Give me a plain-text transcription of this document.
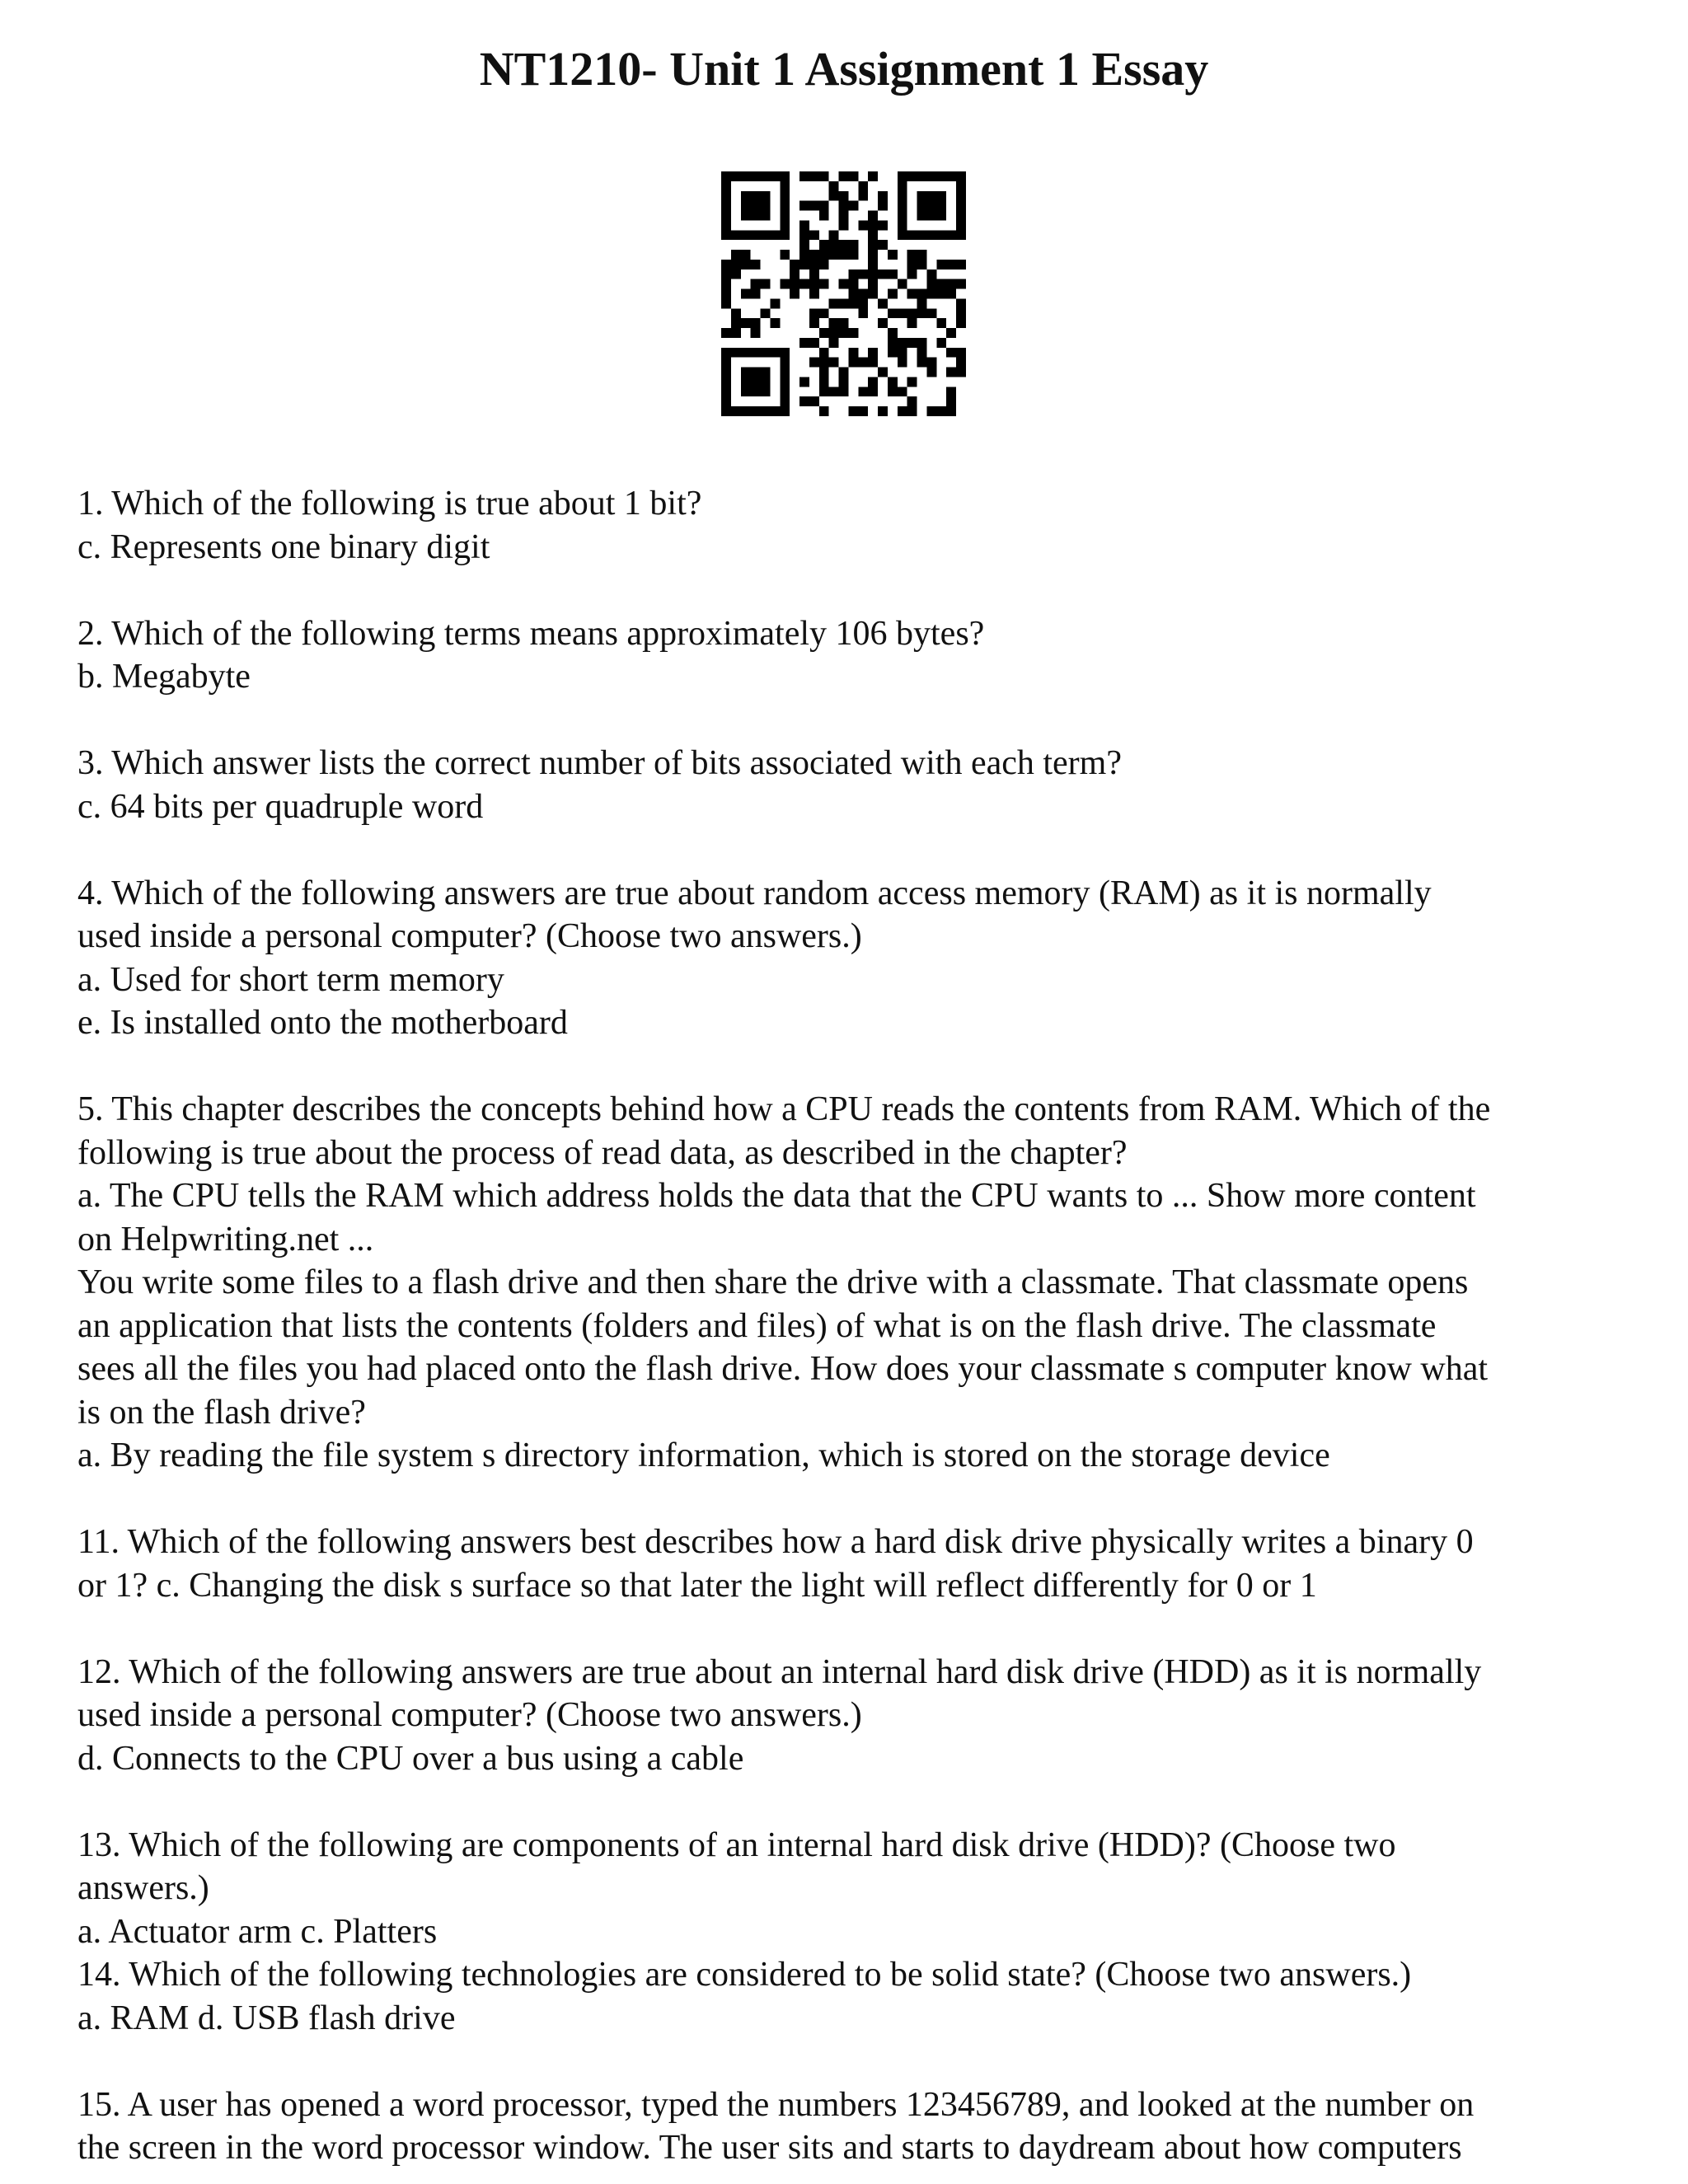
NT1210- Unit 1 Assignment 1 Essay
1. Which of the following is true about 1 bit?
c. Represents one binary digit
2. Which of the following terms means approximately 106 bytes?
b. Megabyte
3. Which answer lists the correct number of bits associated with each term?
c. 64 bits per quadruple word
4. Which of the following answers are true about random access memory (RAM) as it is normally
used inside a personal computer? (Choose two answers.)
a. Used for short term memory
e. Is installed onto the motherboard
5. This chapter describes the concepts behind how a CPU reads the contents from RAM. Which of the
following is true about the process of read data, as described in the chapter?
a. The CPU tells the RAM which address holds the data that the CPU wants to ... Show more content
on Helpwriting.net ...
You write some files to a flash drive and then share the drive with a classmate. That classmate opens
an application that lists the contents (folders and files) of what is on the flash drive. The classmate
sees all the files you had placed onto the flash drive. How does your classmate s computer know what
is on the flash drive?
a. By reading the file system s directory information, which is stored on the storage device
11. Which of the following answers best describes how a hard disk drive physically writes a binary 0
or 1? c. Changing the disk s surface so that later the light will reflect differently for 0 or 1
12. Which of the following answers are true about an internal hard disk drive (HDD) as it is normally
used inside a personal computer? (Choose two answers.)
d. Connects to the CPU over a bus using a cable
13. Which of the following are components of an internal hard disk drive (HDD)? (Choose two
answers.)
a. Actuator arm c. Platters
14. Which of the following technologies are considered to be solid state? (Choose two answers.)
a. RAM d. USB flash drive
15. A user has opened a word processor, typed the numbers 123456789, and looked at the number on
the screen in the word processor window. The user sits and starts to daydream about how computers
